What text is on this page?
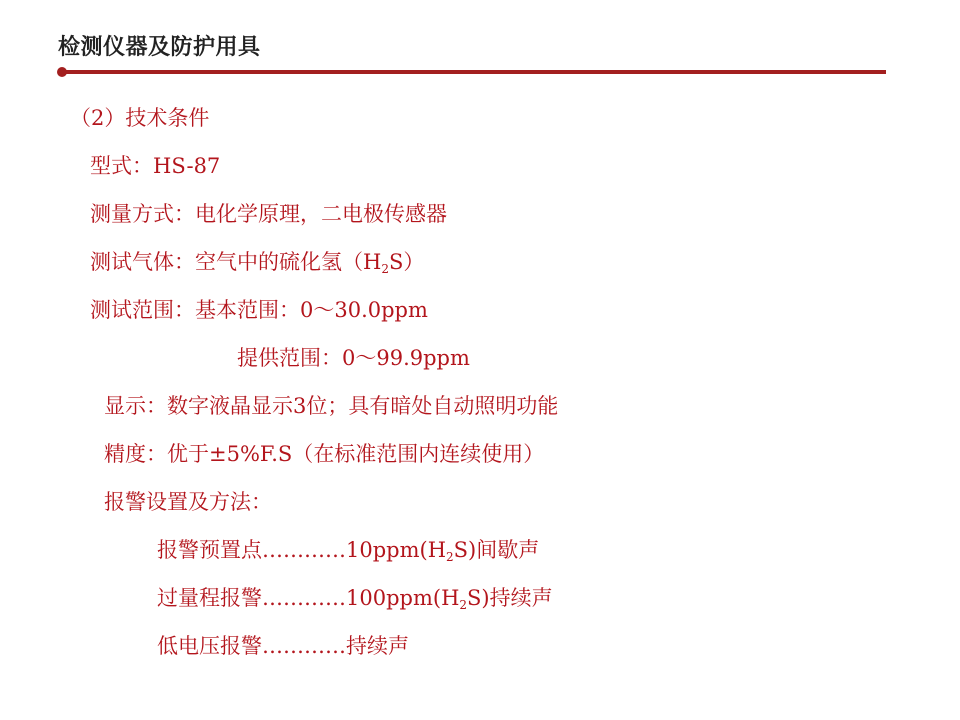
检测仪器及防护用具
（2）技术条件
型式：HS-87
测量方式：电化学原理，二电极传感器
测试气体：空气中的硫化氢$(H_2S)$
测试范围：基本范围：0～30.0ppm
提供范围：0～99.9ppm
显示：数字液晶显示3位；具有暗处自动照明功能
精度：优于±5%F.S（在标准范围内连续使用）
报警设置及方法：
报警预置点$\dots\dots\dots\dots 10ppm(H_2S)$间歇声
过量程报警$\dots\dots\dots\dots 100ppm(H_2S)$持续声
低电压报警…………持续声
